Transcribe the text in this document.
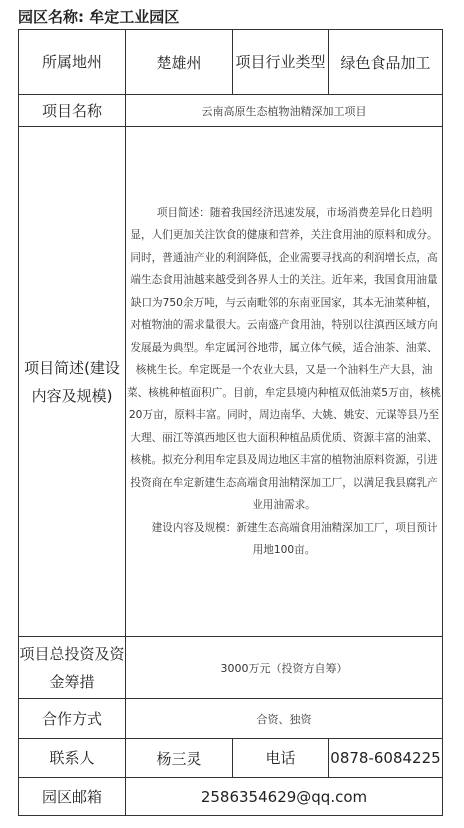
园区名称: 牟定工业园区
所属地州	楚雄州	项目行业类型	绿色食品加工
项目名称	云南高原生态植物油精深加工项目		
项目简述(建设内容及规模)	项目简述：随着我国经济迅速发展，市场消费差异化日趋明显，人们更加关注饮食的健康和营养，关注食用油的原料和成分。同时，普通油产业的利润降低，企业需要寻找高的利润增长点，高端生态食用油越来越受到各界人士的关注。近年来，我国食用油量缺口为750余万吨，与云南毗邻的东南亚国家，其本无油菜种植，对植物油的需求量很大。云南盛产食用油，特别以往滇西区域方向发展最为典型。牟定属河谷地带，属立体气候，适合油茶、油菜、核桃生长。牟定既是一个农业大县，又是一个油料生产大县，油菜、核桃种植面积广。目前，牟定县境内种植双低油菜5万亩，核桃20万亩，原料丰富。同时，周边南华、大姚、姚安、元谋等县乃至大理、丽江等滇西地区也大面积种植品质优质、资源丰富的油菜、核桃。拟充分利用牟定县及周边地区丰富的植物油原料资源，引进投资商在牟定新建生态高端食用油精深加工厂，以满足我县腐乳产业用油需求。

建设内容及规模：新建生态高端食用油精深加工厂，项目预计用地100亩。		

项目总投资及资金筹措	3000万元（投资方自筹）		
合作方式	合资、独资		
联系人	杨三灵	电话	0878-6084225
园区邮箱	2586354629@qq.com		
